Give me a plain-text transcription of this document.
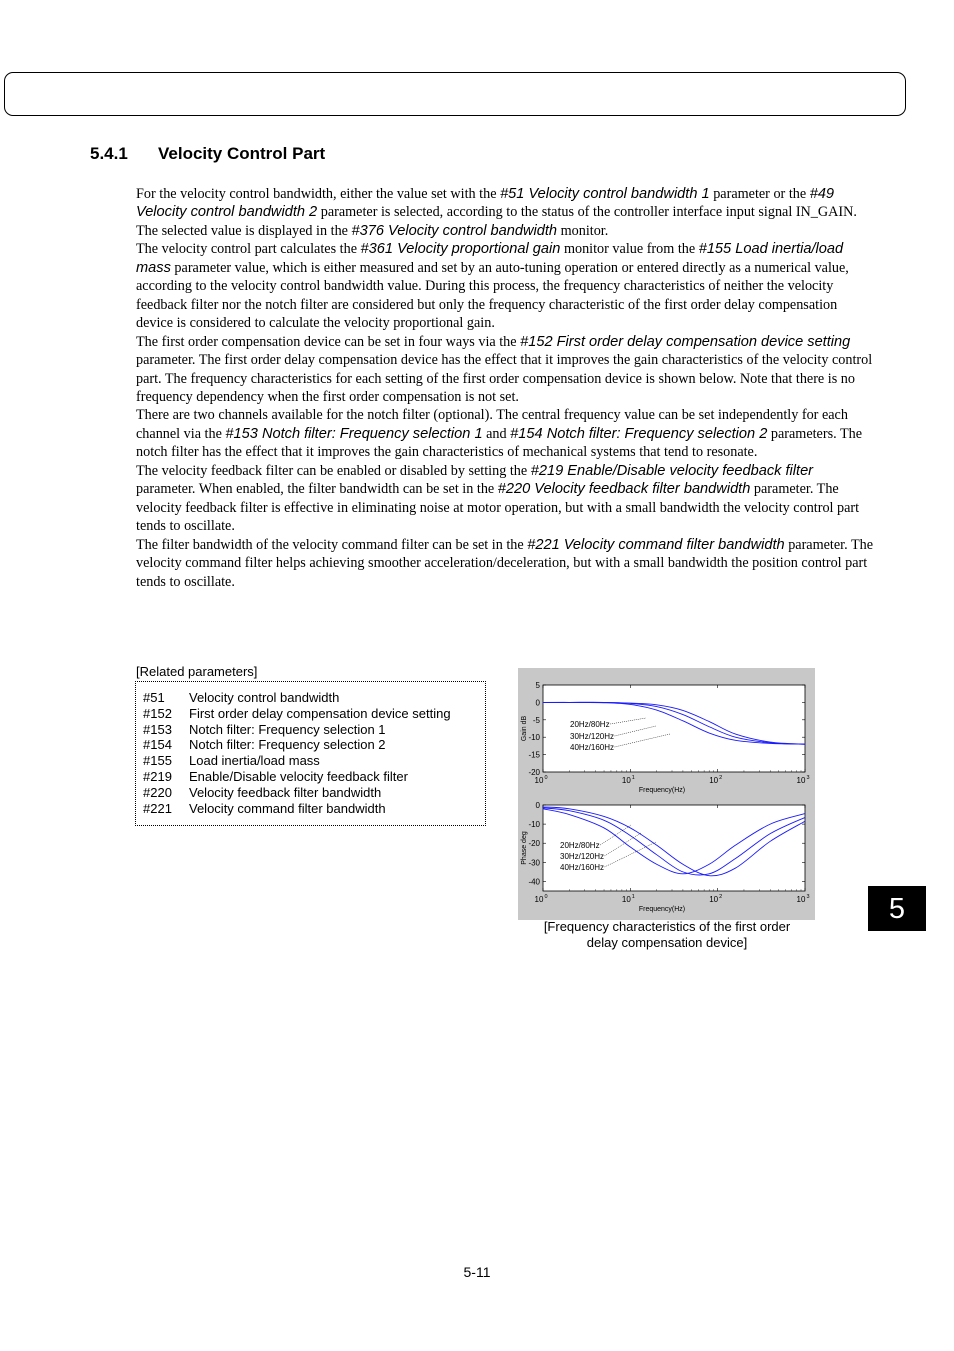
5.4.1 Velocity Control Part

For the velocity control bandwidth, either the value set with the #51 Velocity control bandwidth 1 parameter or the #49 Velocity control bandwidth 2 parameter is selected, according to the status of the controller interface input signal IN_GAIN. The selected value is displayed in the #376 Velocity control bandwidth monitor.

The velocity control part calculates the #361 Velocity proportional gain monitor value from the #155 Load inertia/load mass parameter value, which is either measured and set by an auto-tuning operation or entered directly as a numerical value, according to the velocity control bandwidth value. During this process, the frequency characteristics of neither the velocity feedback filter nor the notch filter are considered but only the frequency characteristic of the first order delay compensation device is considered to calculate the velocity proportional gain.

The first order compensation device can be set in four ways via the #152 First order delay compensation device setting parameter. The first order delay compensation device has the effect that it improves the gain characteristics of the velocity control part. The frequency characteristics for each setting of the first order compensation device is shown below. Note that there is no frequency dependency when the first order compensation is not set.

There are two channels available for the notch filter (optional). The central frequency value can be set independently for each channel via the #153 Notch filter: Frequency selection 1 and #154 Notch filter: Frequency selection 2 parameters. The notch filter has the effect that it improves the gain characteristics of mechanical systems that tend to resonate.

The velocity feedback filter can be enabled or disabled by setting the #219 Enable/Disable velocity feedback filter parameter. When enabled, the filter bandwidth can be set in the #220 Velocity feedback filter bandwidth parameter. The velocity feedback filter is effective in eliminating noise at motor operation, but with a small bandwidth the velocity control part tends to oscillate.

The filter bandwidth of the velocity command filter can be set in the #221 Velocity command filter bandwidth parameter. The velocity command filter helps achieving smoother acceleration/deceleration, but with a small bandwidth the position control part tends to oscillate.

[Related parameters]
#51 Velocity control bandwidth
#152 First order delay compensation device setting
#153 Notch filter: Frequency selection 1
#154 Notch filter: Frequency selection 2
#155 Load inertia/load mass
#219 Enable/Disable velocity feedback filter
#220 Velocity feedback filter bandwidth
#221 Velocity command filter bandwidth
10 0	10 1	10 2	10 3
5
0
-5
-10
-15
-20
Frequency(Hz)
Gain dB	20Hz/80Hz
30Hz/120Hz
40Hz/160Hz
10 0	10 1	10 2	10 3
0
-10
-20
-30
-40
Frequency(Hz)
Phase deg	20Hz/80Hz
30Hz/120Hz
40Hz/160Hz
[Frequency characteristics of the first order
delay compensation device]
5
5-11
